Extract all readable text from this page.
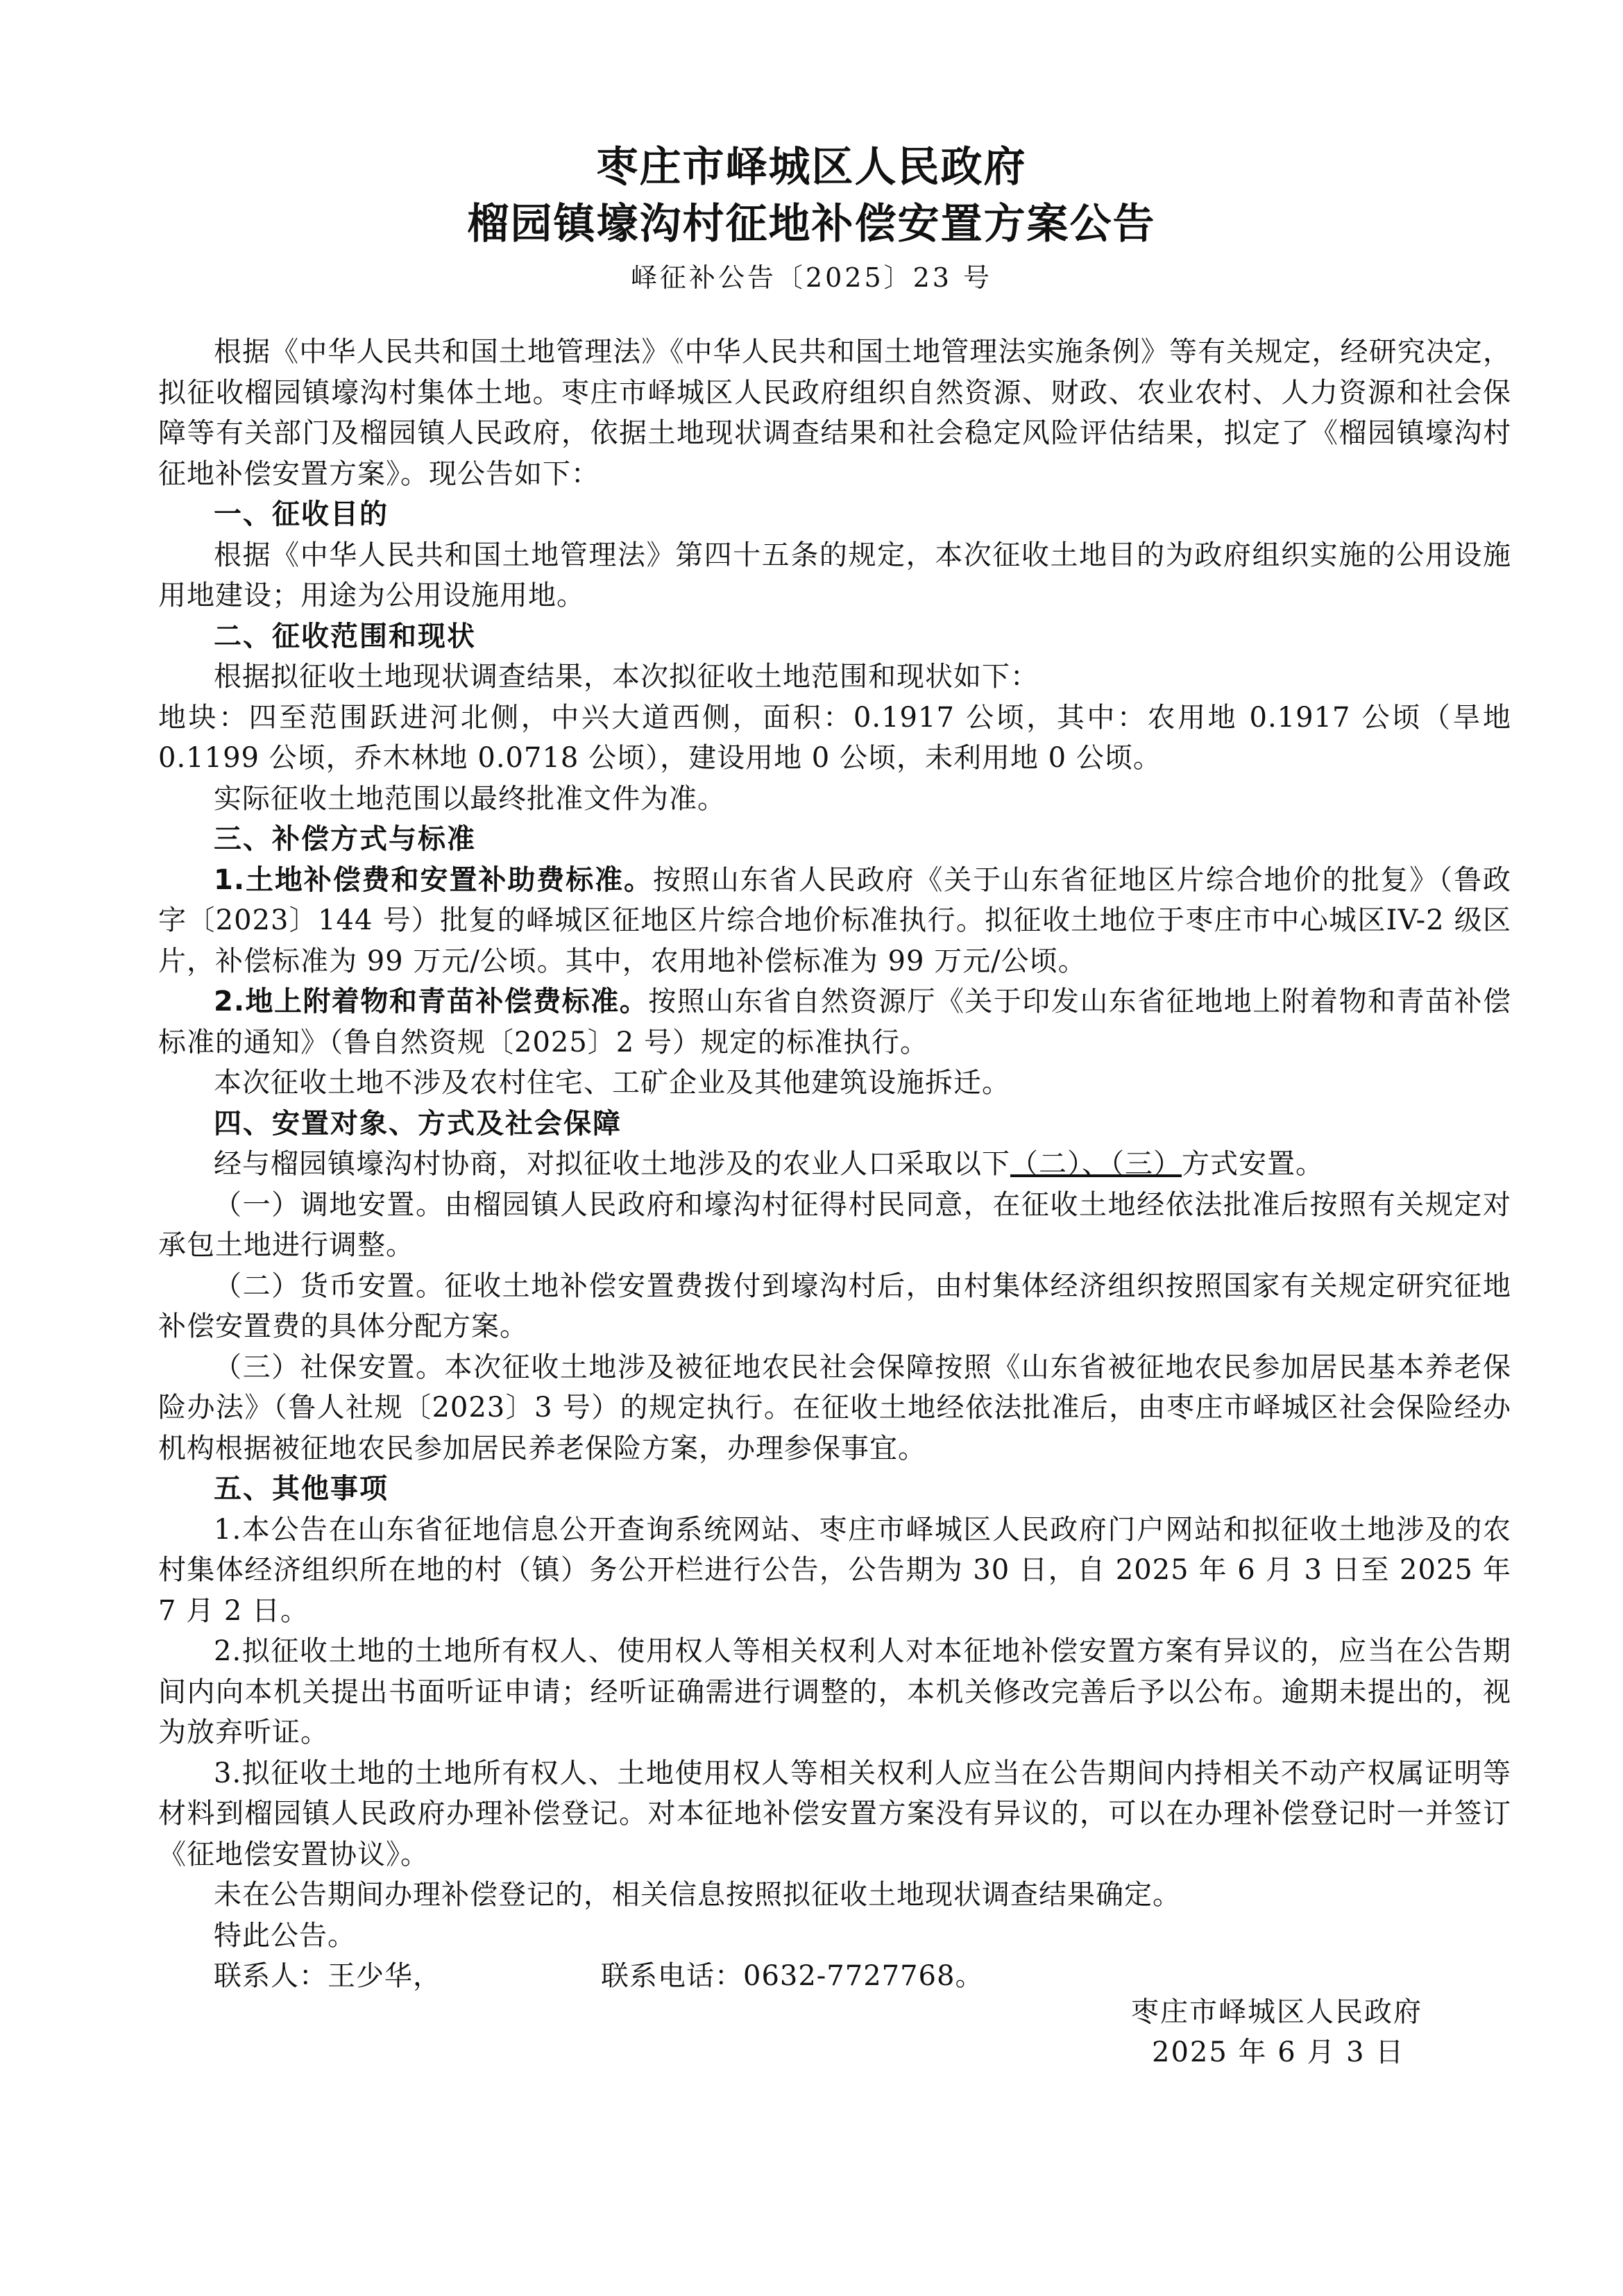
枣庄市峄城区人民政府
榴园镇壕沟村征地补偿安置方案公告
峄征补公告〔2025〕23 号

根据《中华人民共和国土地管理法》《中华人民共和国土地管理法实施条例》等有关规定，经研究决定，拟征收榴园镇壕沟村集体土地。枣庄市峄城区人民政府组织自然资源、财政、农业农村、人力资源和社会保障等有关部门及榴园镇人民政府，依据土地现状调查结果和社会稳定风险评估结果，拟定了《榴园镇壕沟村征地补偿安置方案》。现公告如下：

一、征收目的

根据《中华人民共和国土地管理法》第四十五条的规定，本次征收土地目的为政府组织实施的公用设施用地建设；用途为公用设施用地。

二、征收范围和现状

根据拟征收土地现状调查结果，本次拟征收土地范围和现状如下：

地块：四至范围跃进河北侧，中兴大道西侧，面积：0.1917 公顷，其中：农用地 0.1917 公顷（旱地 0.1199 公顷，乔木林地 0.0718 公顷），建设用地 0 公顷，未利用地 0 公顷。

实际征收土地范围以最终批准文件为准。

三、补偿方式与标准

1.土地补偿费和安置补助费标准。按照山东省人民政府《关于山东省征地区片综合地价的批复》（鲁政字〔2023〕144 号）批复的峄城区征地区片综合地价标准执行。拟征收土地位于枣庄市中心城区IV-2 级区片，补偿标准为 99 万元/公顷。其中，农用地补偿标准为 99 万元/公顷。

2.地上附着物和青苗补偿费标准。按照山东省自然资源厅《关于印发山东省征地地上附着物和青苗补偿标准的通知》（鲁自然资规〔2025〕2 号）规定的标准执行。

本次征收土地不涉及农村住宅、工矿企业及其他建筑设施拆迁。

四、安置对象、方式及社会保障

经与榴园镇壕沟村协商，对拟征收土地涉及的农业人口采取以下（二）、（三）方式安置。

（一）调地安置。由榴园镇人民政府和壕沟村征得村民同意，在征收土地经依法批准后按照有关规定对承包土地进行调整。

（二）货币安置。征收土地补偿安置费拨付到壕沟村后，由村集体经济组织按照国家有关规定研究征地补偿安置费的具体分配方案。

（三）社保安置。本次征收土地涉及被征地农民社会保障按照《山东省被征地农民参加居民基本养老保险办法》（鲁人社规〔2023〕3 号）的规定执行。在征收土地经依法批准后，由枣庄市峄城区社会保险经办机构根据被征地农民参加居民养老保险方案，办理参保事宜。

五、其他事项

1.本公告在山东省征地信息公开查询系统网站、枣庄市峄城区人民政府门户网站和拟征收土地涉及的农村集体经济组织所在地的村（镇）务公开栏进行公告，公告期为 30 日，自 2025 年 6 月 3 日至 2025 年 7 月 2 日。

2.拟征收土地的土地所有权人、使用权人等相关权利人对本征地补偿安置方案有异议的，应当在公告期间内向本机关提出书面听证申请；经听证确需进行调整的，本机关修改完善后予以公布。逾期未提出的，视为放弃听证。

3.拟征收土地的土地所有权人、土地使用权人等相关权利人应当在公告期间内持相关不动产权属证明等材料到榴园镇人民政府办理补偿登记。对本征地补偿安置方案没有异议的，可以在办理补偿登记时一并签订《征地偿安置协议》。

未在公告期间办理补偿登记的，相关信息按照拟征收土地现状调查结果确定。

特此公告。

联系人：王少华，	联系电话：0632-7727768。

枣庄市峄城区人民政府
2025 年 6 月 3 日
